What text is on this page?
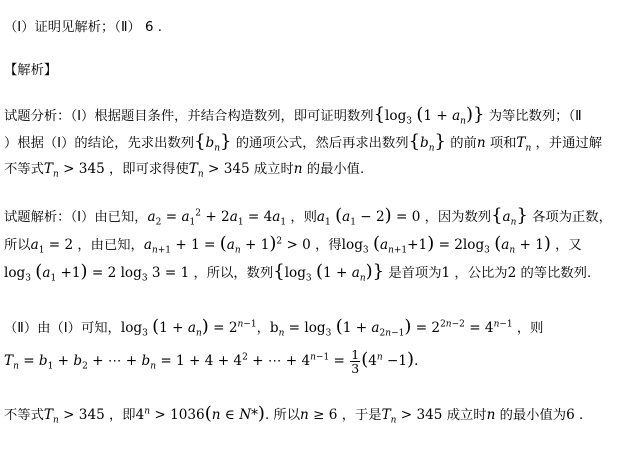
（Ⅰ）证明见解析；（Ⅱ） 6 .
【解析】
试题分析：（Ⅰ）根据题目条件，并结合构造数列，即可证明数列{$\log_3$ $(1 + a_n)$} 为等比数列；（Ⅱ
）根据（Ⅰ）的结论，先求出数列$\{b_n\}$ 的通项公式，然后再求出数列$\{b_n\}$ 的前n 项和$T_n$ ，并通过解
不等式$T_n > 345$ ，即可求得使$T_n > 345$ 成立时n 的最小值.
试题解析：（Ⅰ）由已知，$a_2 = a_1^2 + 2a_1 = 4a_1$ ，则$a_1$ $(a_1 - 2) = 0$ ，因为数列$\{a_n\}$ 各项为正数，
所以$a_1 = 2$ ，由已知，$a_{n+1} + 1 = (a_n + 1)^2 > 0$ ，得$\log_3 (a_{n+1}+1) = 2\log_3$ $(a_n + 1)$ ，又
$\log_3 (a_1 +1) = 2$ $\log_3 3 = 1$ ，所以，数列{$\log_3$ $(1 + a_n)$} 是首项为1 ，公比为2 的等比数列.
（Ⅱ）由（Ⅰ）可知，$\log_3 (1 + a_n) = 2^{n-1}$，$b_n = \log_3 (1 + a_{2n-1}) = 2^{2n-2} = 4^{n-1}$ ，则
$T_n = b_1 + b_2$ + ⋯ + $b_n = 1 + 4 + 4^2$ + ⋯ + $4^{n-1} = \frac{1}{3} (4^n -1)$.
不等式$T_n > 345$ ，即$4^n > 1036(n$ ∈ N*). 所以n ≥ 6 ，于是$T_n > 345$ 成立时n 的最小值为6 .
